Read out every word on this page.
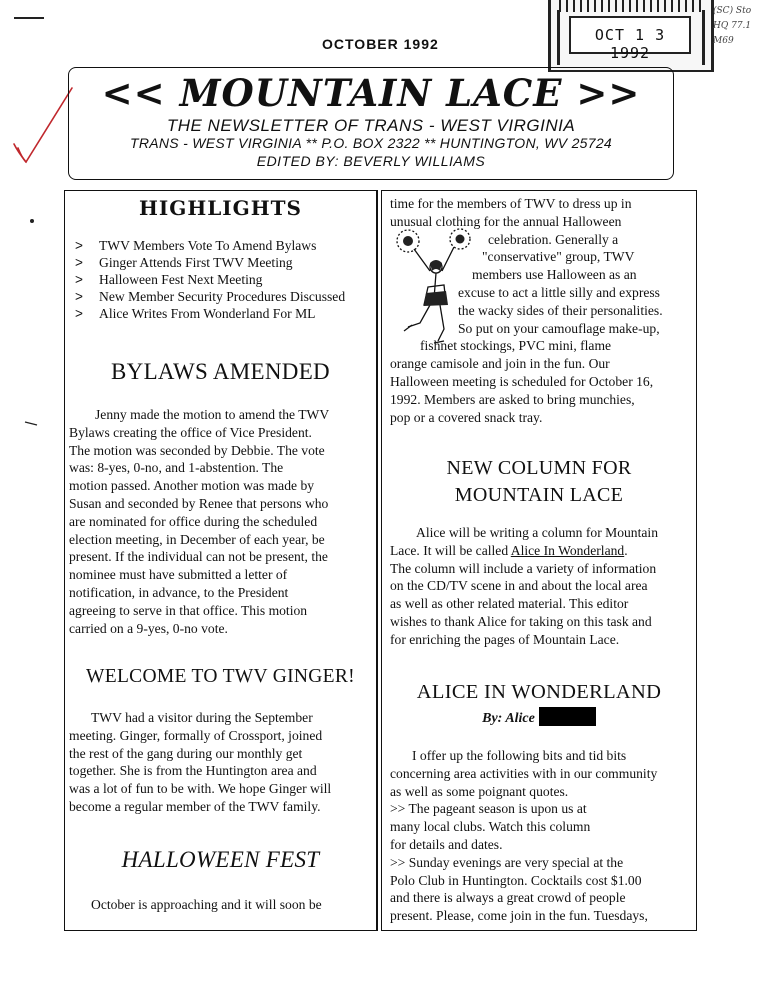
OCTOBER 1992	OCT 1 3 1992
(SC) Sto
HQ 77.1
M69
<< MOUNTAIN LACE >>
THE NEWSLETTER OF TRANS - WEST VIRGINIA
TRANS - WEST VIRGINIA ** P.O. BOX 2322 ** HUNTINGTON, WV 25724
EDITED BY: BEVERLY WILLIAMS
HIGHLIGHTS
> TWV Members Vote To Amend Bylaws
> Ginger Attends First TWV Meeting
> Halloween Fest Next Meeting
> New Member Security Procedures Discussed
> Alice Writes From Wonderland For ML
BYLAWS AMENDED
Jenny made the motion to amend the TWV
Bylaws creating the office of Vice President.
The motion was seconded by Debbie. The vote
was: 8-yes, 0-no, and 1-abstention. The
motion passed. Another motion was made by
Susan and seconded by Renee that persons who
are nominated for office during the scheduled
election meeting, in December of each year, be
present. If the individual can not be present, the
nominee must have submitted a letter of
notification, in advance, to the President
agreeing to serve in that office. This motion
carried on a 9-yes, 0-no vote.
WELCOME TO TWV GINGER!
TWV had a visitor during the September
meeting. Ginger, formally of Crossport, joined
the rest of the gang during our monthly get
together. She is from the Huntington area and
was a lot of fun to be with. We hope Ginger will
become a regular member of the TWV family.
HALLOWEEN FEST
October is approaching and it will soon be
time for the members of TWV to dress up in
unusual clothing for the annual Halloween
celebration. Generally a
"conservative" group, TWV
members use Halloween as an
excuse to act a little silly and express
the wacky sides of their personalities.
So put on your camouflage make-up,
fishnet stockings, PVC mini, flame
orange camisole and join in the fun. Our
Halloween meeting is scheduled for October 16,
1992. Members are asked to bring munchies,
pop or a covered snack tray.
NEW COLUMN FOR
MOUNTAIN LACE
Alice will be writing a column for Mountain
Lace. It will be called Alice In Wonderland.
The column will include a variety of information
on the CD/TV scene in and about the local area
as well as other related material. This editor
wishes to thank Alice for taking on this task and
for enriching the pages of Mountain Lace.
ALICE IN WONDERLAND
By: Alice
I offer up the following bits and tid bits
concerning area activities with in our community
as well as some poignant quotes.
>> The pageant season is upon us at
many local clubs. Watch this column
for details and dates.
>> Sunday evenings are very special at the
Polo Club in Huntington. Cocktails cost $1.00
and there is always a great crowd of people
present. Please, come join in the fun. Tuesdays,
